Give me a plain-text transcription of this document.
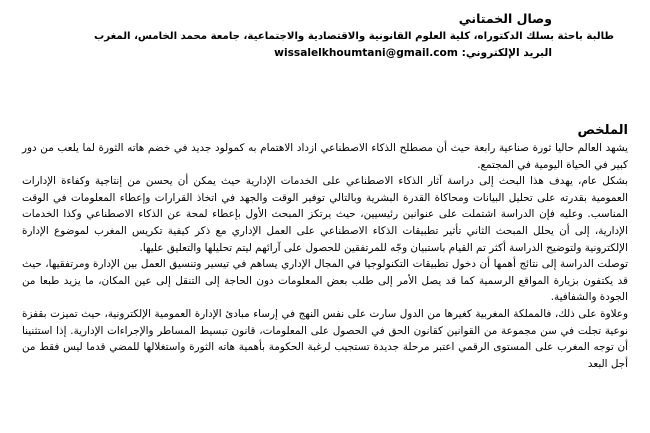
وصال الخمتاني
طالبة باحثة بسلك الدكتوراه، كلية العلوم القانونية والاقتصادية والاجتماعية، جامعة محمد الخامس، المغرب
البريد الإلكتروني: wissalelkhoumtani@gmail.com
الملخص

يشهد العالم حاليا ثورة صناعية رابعة حيث أن مصطلح الذكاء الاصطناعي ازداد الاهتمام به كمولود جديد في خضم هاته الثورة لما يلعب من دور كبير في الحياة اليومية في المجتمع.

بشكل عام، يهدف هذا البحث إلى دراسة آثار الذكاء الاصطناعي على الخدمات الإدارية حيث يمكن أن يحسن من إنتاجية وكفاءة الإدارات العمومية بقدرته على تحليل البيانات ومحاكاة القدرة البشرية وبالتالي توفير الوقت والجهد في اتخاذ القرارات وإعطاء المعلومات في الوقت المناسب. وعليه فإن الدراسة اشتملت على عنوانين رئيسيين، حيث يرتكز المبحث الأول بإعطاء لمحة عن الذكاء الاصطناعي وكذا الخدمات الإدارية، إلى أن يحلل المبحث الثاني تأثير تطبيقات الذكاء الاصطناعي على العمل الإداري مع ذكر كيفية تكريس المغرب لموضوع الإدارة الإلكترونية ولتوضيح الدراسة أكثر تم القيام باستبيان وجّه للمرتفقين للحصول على آرائهم ليتم تحليلها والتعليق عليها.

توصلت الدراسة إلى نتائج أهمها أن دخول تطبيقات التكنولوجيا في المجال الإداري يساهم في تيسير وتنسيق العمل بين الإدارة ومرتفقيها، حيث قد يكتفون بزيارة المواقع الرسمية كما قد يصل الأمر إلى طلب بعض المعلومات دون الحاجة إلى التنقل إلى عين المكان، ما يزيد طبعا من الجودة والشفافية.

وعلاوة على ذلك، فالمملكة المغربية كغيرها من الدول سارت على نفس النهج في إرساء مبادئ الإدارة العمومية الإلكترونية، حيث تميزت بقفزة نوعية تجلت في سن مجموعة من القوانين كقانون الحق في الحصول على المعلومات، قانون تبسيط المساطر والإجراءات الإدارية. إذا استثنينا أن توجه المغرب على المستوى الرقمي اعتبر مرحلة جديدة تستجيب لرغبة الحكومة بأهمية هاته الثورة واستغلالها للمضي قدما ليس فقط من أجل البعد
